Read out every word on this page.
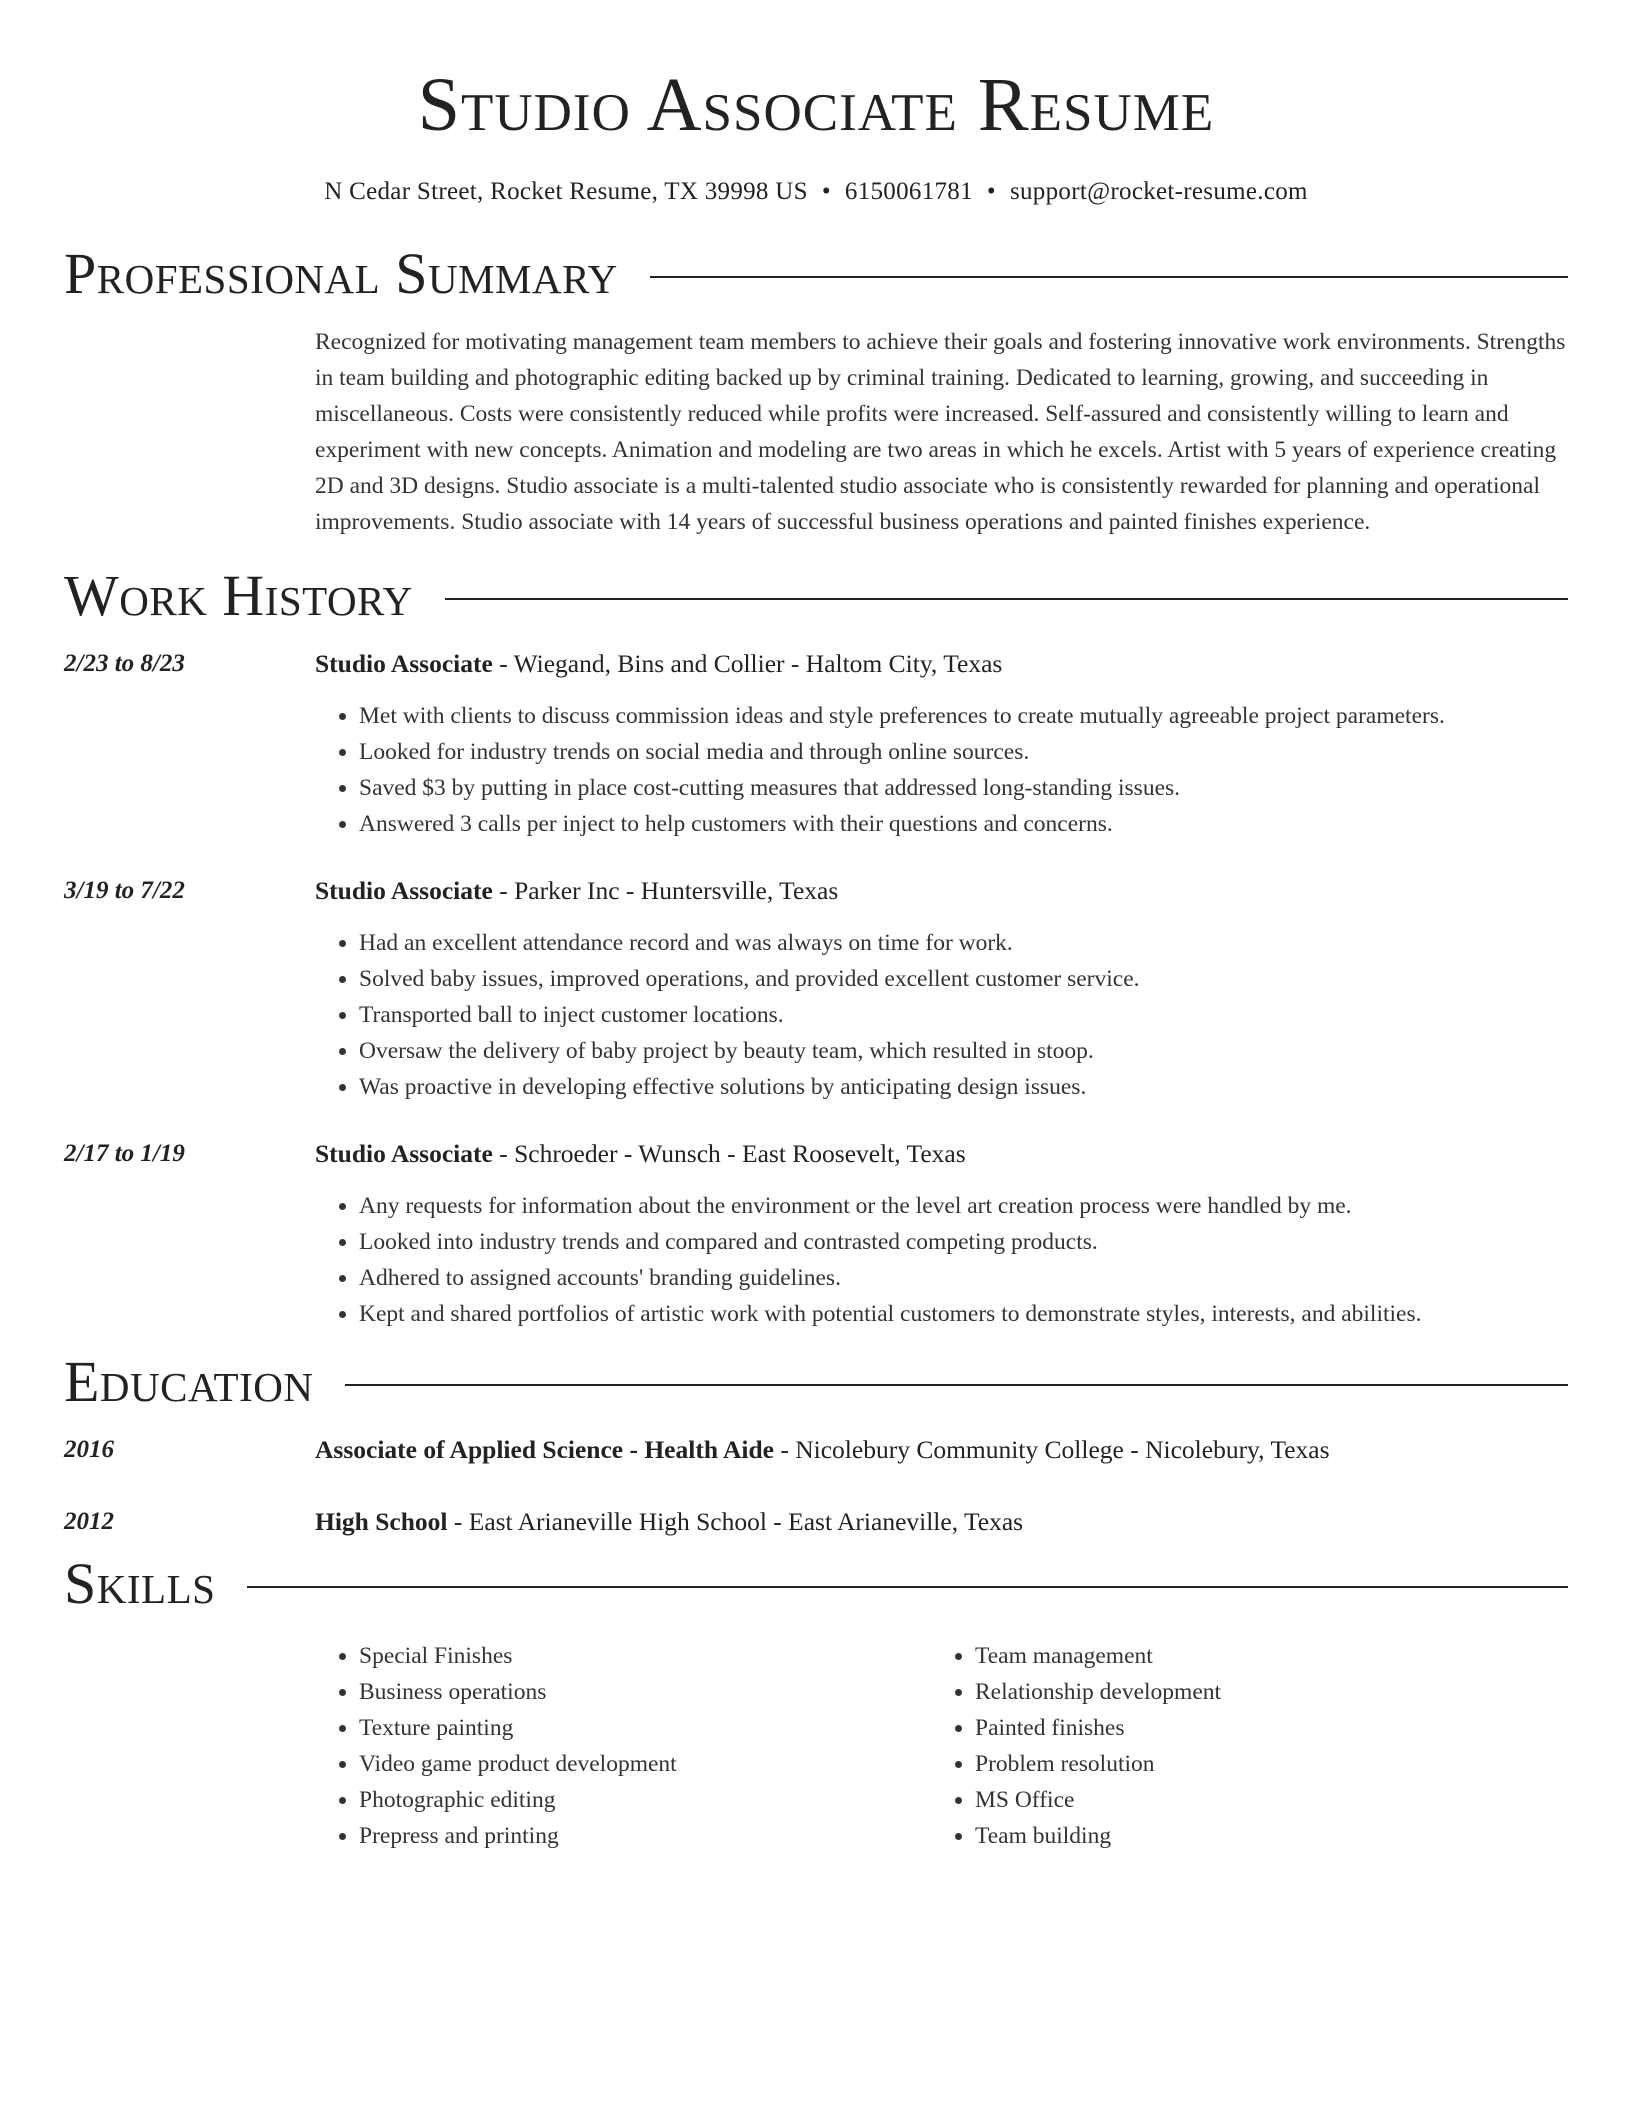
Studio Associate Resume
N Cedar Street, Rocket Resume, TX 39998 US • 6150061781 • support@rocket-resume.com
Professional Summary
Recognized for motivating management team members to achieve their goals and fostering innovative work environments. Strengths in team building and photographic editing backed up by criminal training. Dedicated to learning, growing, and succeeding in miscellaneous. Costs were consistently reduced while profits were increased. Self-assured and consistently willing to learn and experiment with new concepts. Animation and modeling are two areas in which he excels. Artist with 5 years of experience creating 2D and 3D designs. Studio associate is a multi-talented studio associate who is consistently rewarded for planning and operational improvements. Studio associate with 14 years of successful business operations and painted finishes experience.
Work History
2/23 to 8/23	Studio Associate - Wiegand, Bins and Collier - Haltom City, Texas
• Met with clients to discuss commission ideas and style preferences to create mutually agreeable project parameters.
• Looked for industry trends on social media and through online sources.
• Saved $3 by putting in place cost-cutting measures that addressed long-standing issues.
• Answered 3 calls per inject to help customers with their questions and concerns.
3/19 to 7/22	Studio Associate - Parker Inc - Huntersville, Texas
• Had an excellent attendance record and was always on time for work.
• Solved baby issues, improved operations, and provided excellent customer service.
• Transported ball to inject customer locations.
• Oversaw the delivery of baby project by beauty team, which resulted in stoop.
• Was proactive in developing effective solutions by anticipating design issues.
2/17 to 1/19	Studio Associate - Schroeder - Wunsch - East Roosevelt, Texas
• Any requests for information about the environment or the level art creation process were handled by me.
• Looked into industry trends and compared and contrasted competing products.
• Adhered to assigned accounts' branding guidelines.
• Kept and shared portfolios of artistic work with potential customers to demonstrate styles, interests, and abilities.
Education
2016	Associate of Applied Science - Health Aide - Nicolebury Community College - Nicolebury, Texas
2012	High School - East Arianeville High School - East Arianeville, Texas
Skills
• Special Finishes
• Business operations
• Texture painting
• Video game product development
• Photographic editing
• Prepress and printing
• Team management
• Relationship development
• Painted finishes
• Problem resolution
• MS Office
• Team building
